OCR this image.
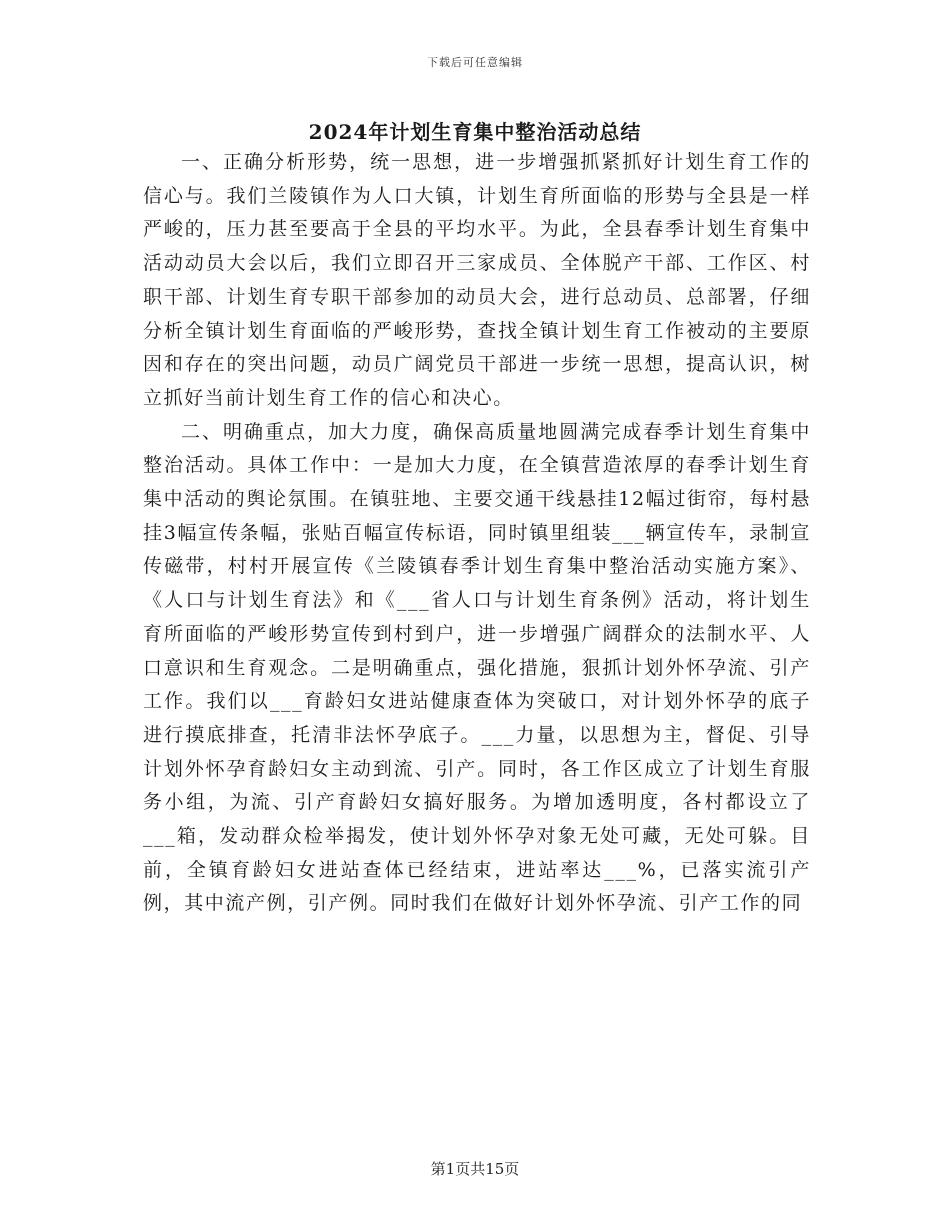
下载后可任意编辑
2024年计划生育集中整治活动总结

一、正确分析形势，统一思想，进一步增强抓紧抓好计划生育工作的信心与。我们兰陵镇作为人口大镇，计划生育所面临的形势与全县是一样严峻的，压力甚至要高于全县的平均水平。为此，全县春季计划生育集中活动动员大会以后，我们立即召开三家成员、全体脱产干部、工作区、村职干部、计划生育专职干部参加的动员大会，进行总动员、总部署，仔细分析全镇计划生育面临的严峻形势，查找全镇计划生育工作被动的主要原因和存在的突出问题，动员广阔党员干部进一步统一思想，提高认识，树立抓好当前计划生育工作的信心和决心。

二、明确重点，加大力度，确保高质量地圆满完成春季计划生育集中整治活动。具体工作中：一是加大力度，在全镇营造浓厚的春季计划生育集中活动的舆论氛围。在镇驻地、主要交通干线悬挂12幅过街帘，每村悬挂3幅宣传条幅，张贴百幅宣传标语，同时镇里组装___辆宣传车，录制宣传磁带，村村开展宣传《兰陵镇春季计划生育集中整治活动实施方案》、《人口与计划生育法》和《___省人口与计划生育条例》活动，将计划生育所面临的严峻形势宣传到村到户，进一步增强广阔群众的法制水平、人口意识和生育观念。二是明确重点，强化措施，狠抓计划外怀孕流、引产工作。我们以___育龄妇女进站健康查体为突破口，对计划外怀孕的底子进行摸底排查，托清非法怀孕底子。___力量，以思想为主，督促、引导计划外怀孕育龄妇女主动到流、引产。同时，各工作区成立了计划生育服务小组，为流、引产育龄妇女搞好服务。为增加透明度，各村都设立了___箱，发动群众检举揭发，使计划外怀孕对象无处可藏，无处可躲。目前，全镇育龄妇女进站查体已经结束，进站率达___%，已落实流引产例，其中流产例，引产例。同时我们在做好计划外怀孕流、引产工作的同

第1页共15页
